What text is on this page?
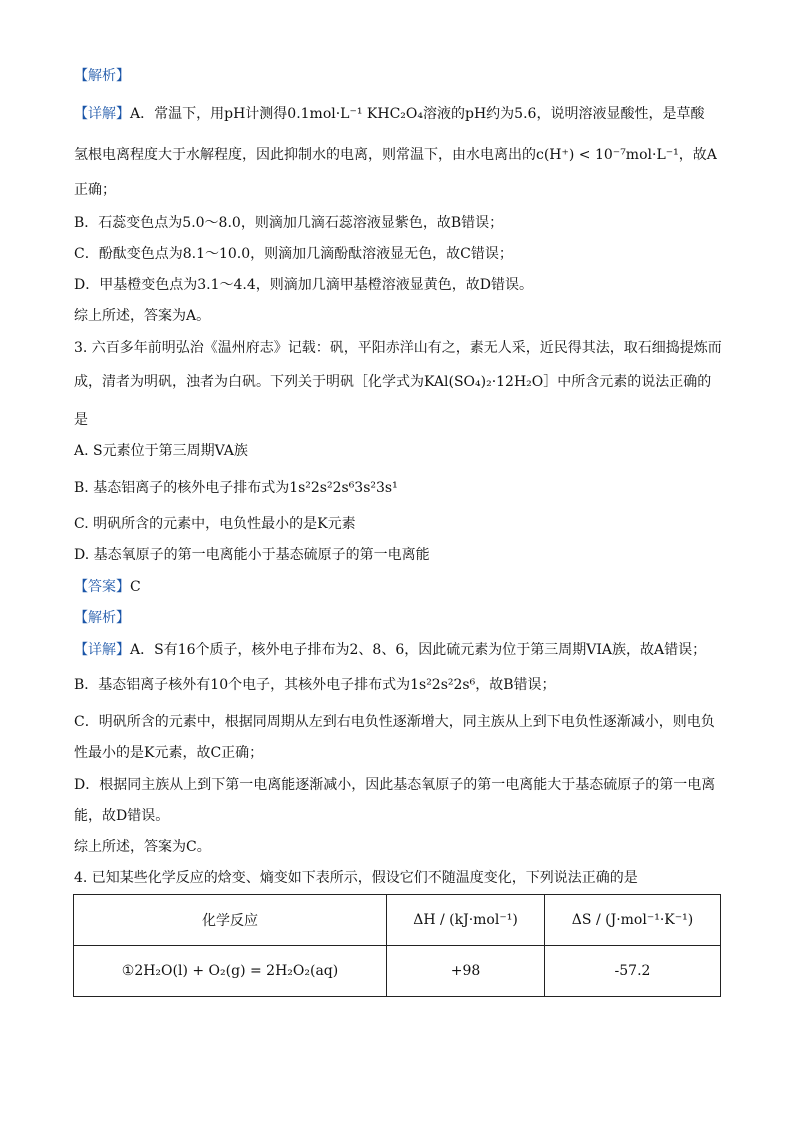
【解析】
【详解】A．常温下，用pH计测得0.1mol·L⁻¹ KHC₂O₄溶液的pH约为5.6，说明溶液显酸性，是草酸
氢根电离程度大于水解程度，因此抑制水的电离，则常温下，由水电离出的c(H⁺) < 10⁻⁷mol·L⁻¹，故A
正确；
B．石蕊变色点为5.0～8.0，则滴加几滴石蕊溶液显紫色，故B错误；
C．酚酞变色点为8.1～10.0，则滴加几滴酚酞溶液显无色，故C错误；
D．甲基橙变色点为3.1～4.4，则滴加几滴甲基橙溶液显黄色，故D错误。
综上所述，答案为A。
3. 六百多年前明弘治《温州府志》记载：矾，平阳赤洋山有之，素无人采，近民得其法，取石细捣提炼而
成，清者为明矾，浊者为白矾。下列关于明矾［化学式为KAl(SO₄)₂·12H₂O］中所含元素的说法正确的
是
A. S元素位于第三周期VA族
B. 基态铝离子的核外电子排布式为1s²2s²2s⁶3s²3s¹
C. 明矾所含的元素中，电负性最小的是K元素
D. 基态氧原子的第一电离能小于基态硫原子的第一电离能
【答案】C
【解析】
【详解】A．S有16个质子，核外电子排布为2、8、6，因此硫元素为位于第三周期VIA族，故A错误；
B．基态铝离子核外有10个电子，其核外电子排布式为1s²2s²2s⁶，故B错误；
C．明矾所含的元素中，根据同周期从左到右电负性逐渐增大，同主族从上到下电负性逐渐减小，则电负
性最小的是K元素，故C正确；
D．根据同主族从上到下第一电离能逐渐减小，因此基态氧原子的第一电离能大于基态硫原子的第一电离
能，故D错误。
综上所述，答案为C。
4. 已知某些化学反应的焓变、熵变如下表所示，假设它们不随温度变化，下列说法正确的是
化学反应	ΔH / (kJ·mol⁻¹)	ΔS / (J·mol⁻¹·K⁻¹)
①2H₂O(l) + O₂(g) = 2H₂O₂(aq)	+98	-57.2
